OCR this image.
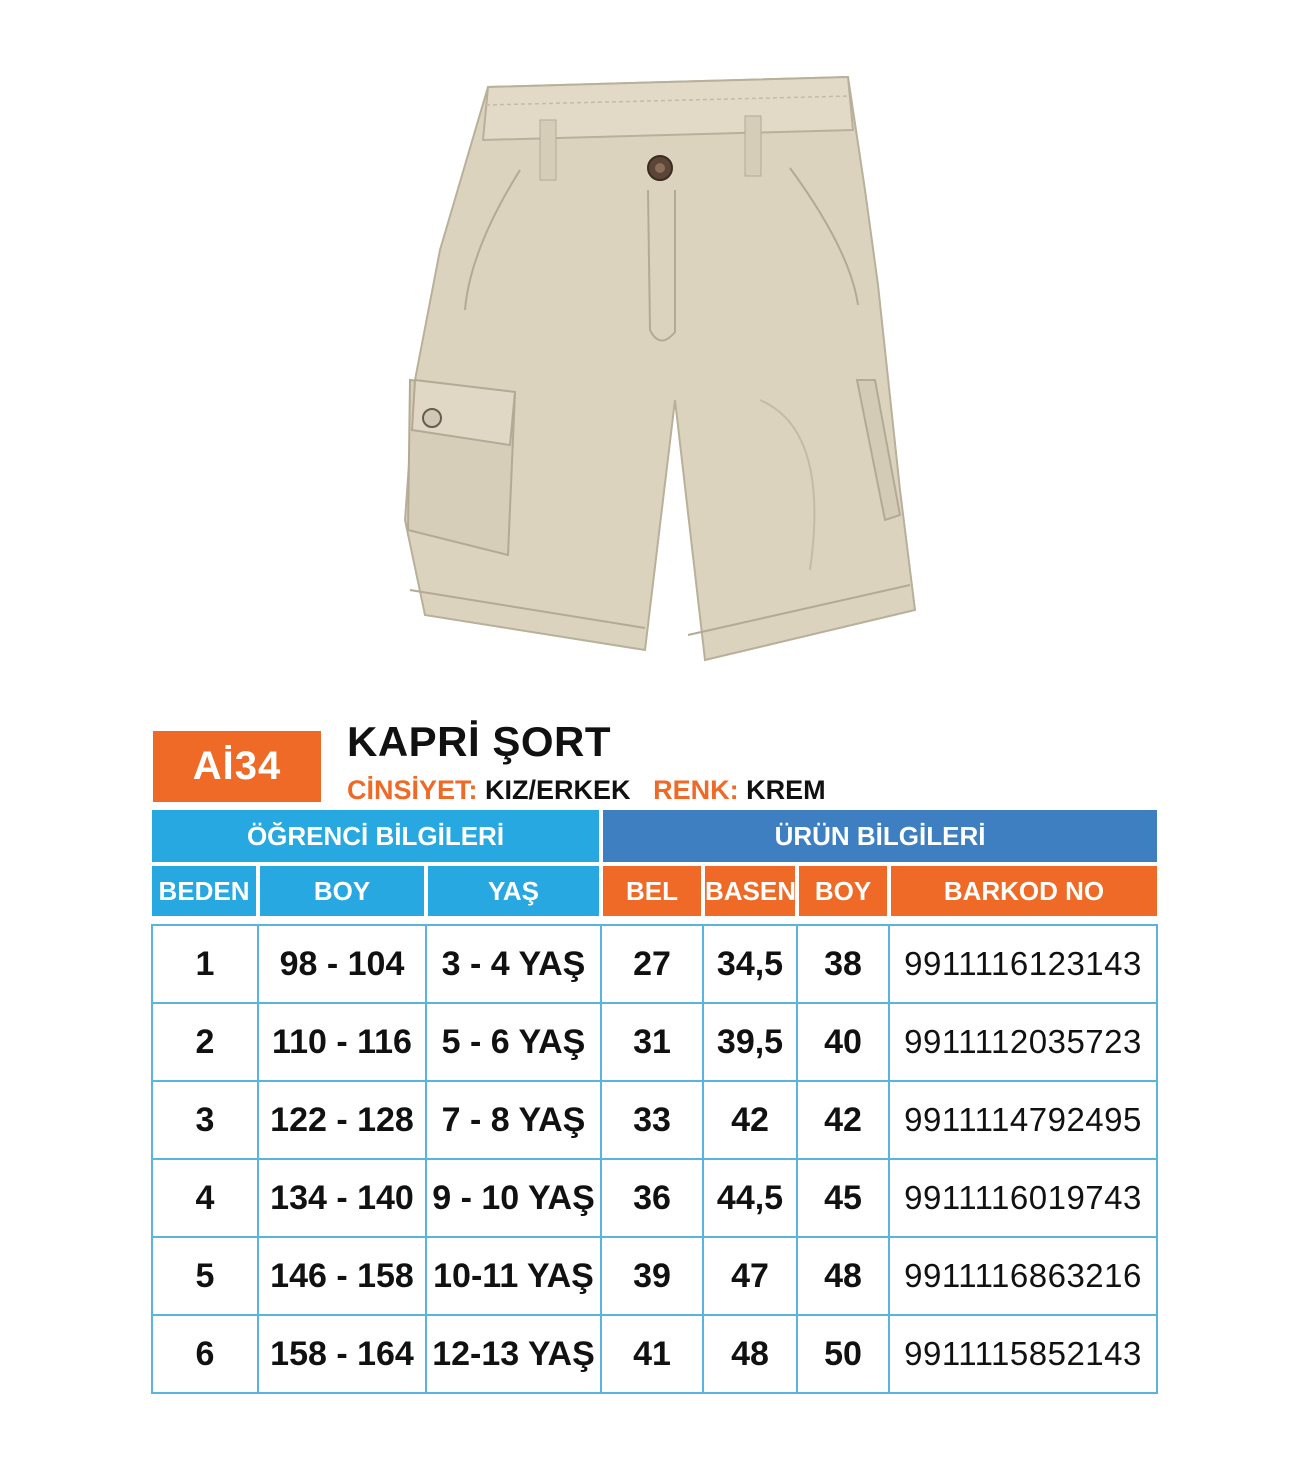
Aİ34
KAPRİ ŞORT
CİNSİYET: KIZ/ERKEK RENK: KREM
ÖĞRENCİ BİLGİLERİ			ÜRÜN BİLGİLERİ			

BEDEN	BOY	YAŞ	BEL	BASEN	BOY	BARKOD NO

1	98 - 104	3 - 4 YAŞ	27	34,5	38	9911116123143
2	110 - 116	5 - 6 YAŞ	31	39,5	40	9911112035723
3	122 - 128	7 - 8 YAŞ	33	42	42	9911114792495
4	134 - 140	9 - 10 YAŞ	36	44,5	45	9911116019743
5	146 - 158	10-11 YAŞ	39	47	48	9911116863216
6	158 - 164	12-13 YAŞ	41	48	50	9911115852143
